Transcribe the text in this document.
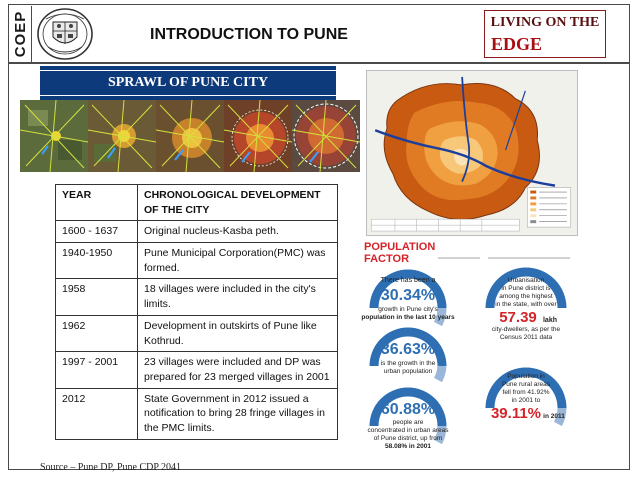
COEP	INTRODUCTION TO PUNE
LIVING ON THE
EDGE
SPRAWL OF PUNE CITY
YEAR	CHRONOLOGICAL DEVELOPMENT OF THE CITY
1600 - 1637	Original nucleus-Kasba peth.
1940-1950	Pune Municipal Corporation(PMC) was formed.
1958	18 villages were included in the city's limits.
1962	Development in outskirts of Pune like Kothrud.
1997 - 2001	23 villages were included and DP was prepared for 23 merged villages in 2001
2012	State Government in 2012 issued a notification to bring 28 fringe villages in the PMC limits.
POPULATION
FACTOR
There has been a
30.34%
growth in Pune city's
population in the last 10 years
36.63%
is the growth in the
urban population
60.88%
people are
concentrated in urban areas
of Pune district, up from
58.08% in 2001
Urbanisation
in Pune district is
among the highest
in the state, with over
57.39 lakh
city-dwellers, as per the
Census 2011 data
Population in
Pune rural areas
fell from 41.92%
in 2001 to
39.11% in 2011
Source – Pune DP, Pune CDP 2041
